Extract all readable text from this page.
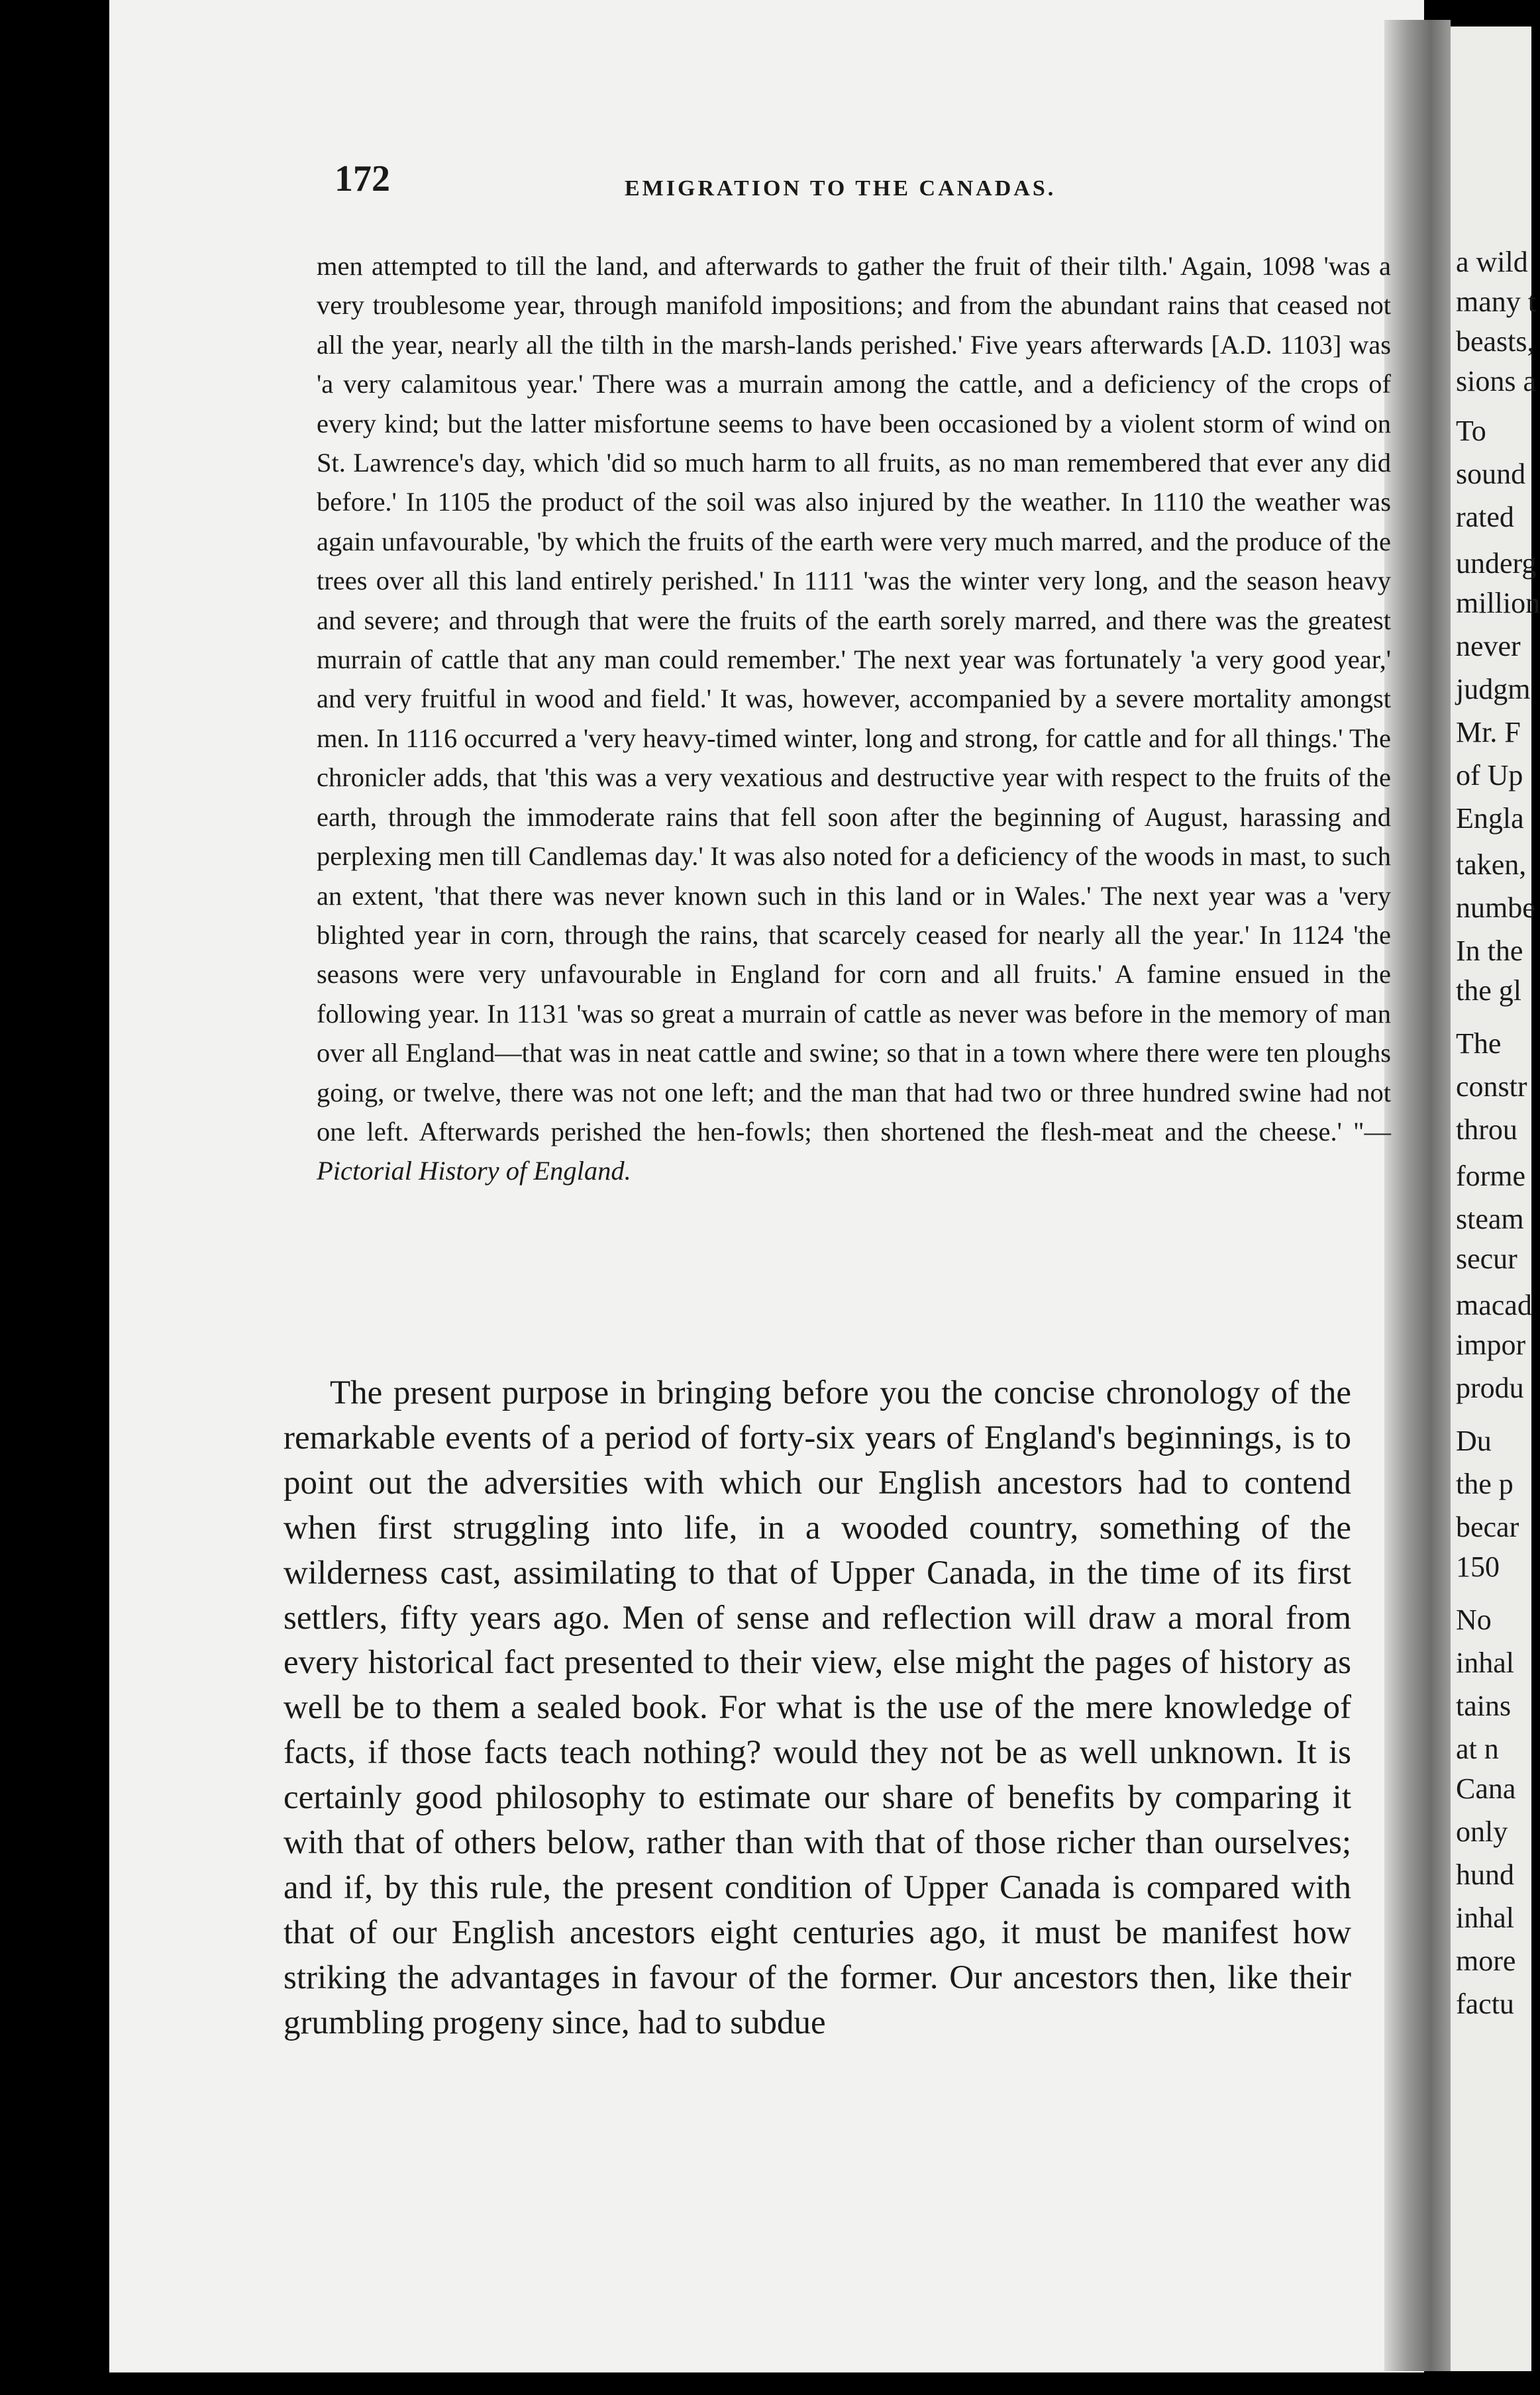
a wild
many t
beasts,
sions a
To
sound
rated
underg
million
never
judgm
Mr. F
of Up
Engla
taken,
numbe
In the
the gl
The
constr
throu
forme
steam
secur
macad
impor
produ
Du
the p
becar
150
No
inhal
tains
at n
Cana
only
hund
inhal
more
factu
172	EMIGRATION TO THE CANADAS.

men attempted to till the land, and afterwards to gather the fruit of their tilth.' Again, 1098 'was a very troublesome year, through manifold impositions; and from the abundant rains that ceased not all the year, nearly all the tilth in the marsh-lands perished.' Five years afterwards [A.D. 1103] was 'a very calamitous year.' There was a murrain among the cattle, and a deficiency of the crops of every kind; but the latter misfortune seems to have been occasioned by a violent storm of wind on St. Lawrence's day, which 'did so much harm to all fruits, as no man remembered that ever any did before.' In 1105 the product of the soil was also injured by the weather. In 1110 the weather was again unfavourable, 'by which the fruits of the earth were very much marred, and the produce of the trees over all this land entirely perished.' In 1111 'was the winter very long, and the season heavy and severe; and through that were the fruits of the earth sorely marred, and there was the greatest murrain of cattle that any man could remember.' The next year was fortunately 'a very good year,' and very fruitful in wood and field.' It was, however, accompanied by a severe mortality amongst men. In 1116 occurred a 'very heavy-timed winter, long and strong, for cattle and for all things.' The chronicler adds, that 'this was a very vexatious and destructive year with respect to the fruits of the earth, through the immoderate rains that fell soon after the beginning of August, harassing and perplexing men till Candlemas day.' It was also noted for a deficiency of the woods in mast, to such an extent, 'that there was never known such in this land or in Wales.' The next year was a 'very blighted year in corn, through the rains, that scarcely ceased for nearly all the year.' In 1124 'the seasons were very unfavourable in England for corn and all fruits.' A famine ensued in the following year. In 1131 'was so great a murrain of cattle as never was before in the memory of man over all England—that was in neat cattle and swine; so that in a town where there were ten ploughs going, or twelve, there was not one left; and the man that had two or three hundred swine had not one left. Afterwards perished the hen-fowls; then shortened the flesh-meat and the cheese.' "—Pictorial History of England.

The present purpose in bringing before you the concise chronology of the remarkable events of a period of forty-six years of England's beginnings, is to point out the adversities with which our English ancestors had to contend when first struggling into life, in a wooded country, something of the wilderness cast, assimilating to that of Upper Canada, in the time of its first settlers, fifty years ago. Men of sense and reflection will draw a moral from every historical fact presented to their view, else might the pages of history as well be to them a sealed book. For what is the use of the mere knowledge of facts, if those facts teach nothing? would they not be as well unknown. It is certainly good philosophy to estimate our share of benefits by comparing it with that of others below, rather than with that of those richer than ourselves; and if, by this rule, the present condition of Upper Canada is compared with that of our English ancestors eight centuries ago, it must be manifest how striking the advantages in favour of the former. Our ancestors then, like their grumbling progeny since, had to subdue
